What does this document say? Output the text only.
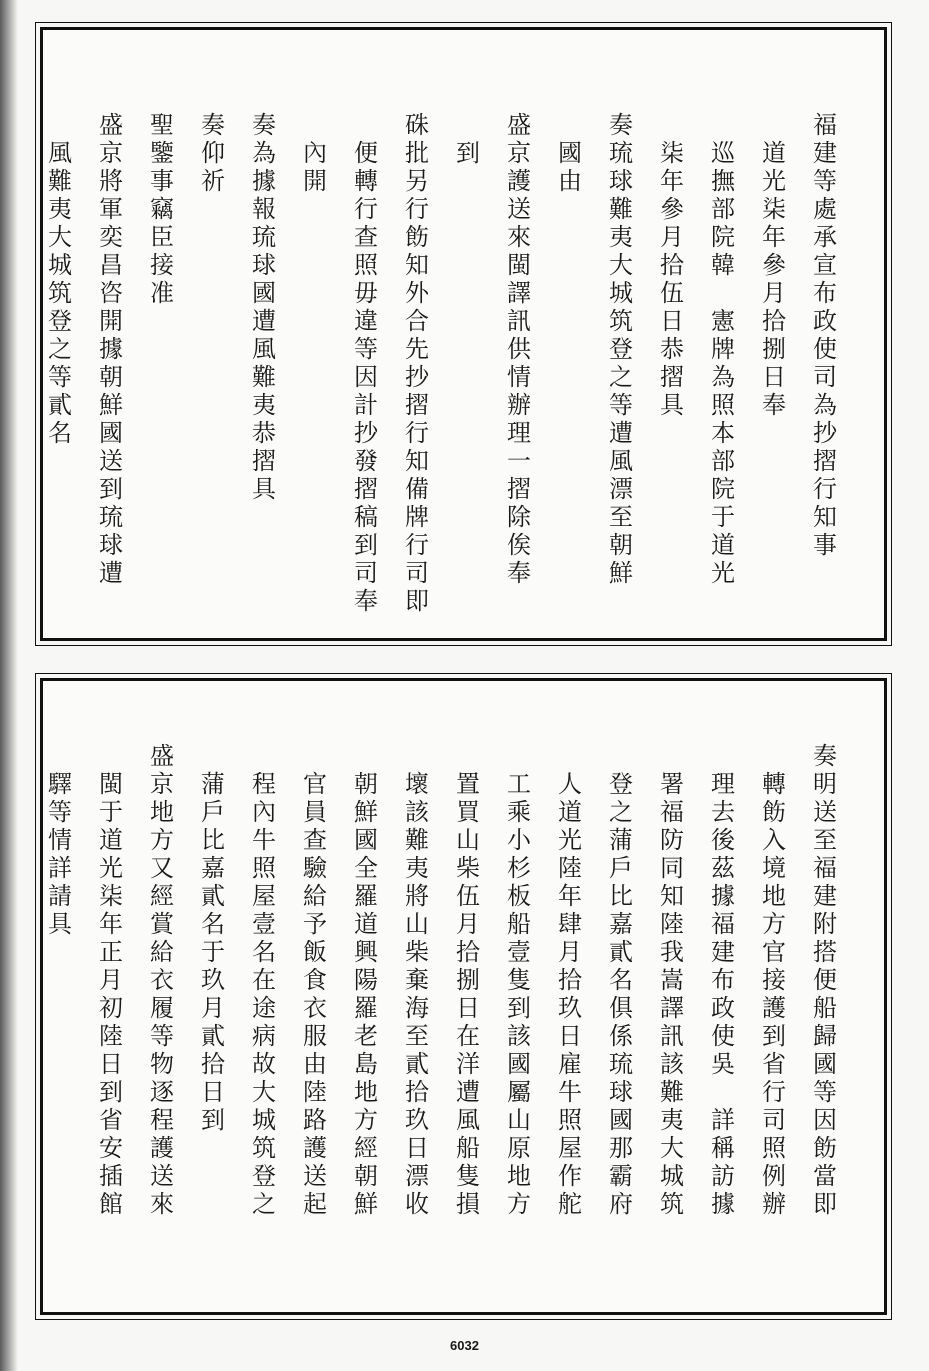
福建等處承宣布政使司為抄摺行知事
道光柒年參月拾捌日奉
巡撫部院韓　憲牌為照本部院于道光
柒年參月拾伍日恭摺具
奏琉球難夷大城筑登之等遭風漂至朝鮮
國由
盛京護送來閩譯訊供情辦理一摺除俟奉
到
硃批另行飭知外合先抄摺行知備牌行司即
便轉行查照毋違等因計抄發摺稿到司奉
內開
奏為據報琉球國遭風難夷恭摺具
奏仰祈
聖鑒事竊臣接准
盛京將軍奕昌咨開據朝鮮國送到琉球遭
風難夷大城筑登之等貳名
奏明送至福建附搭便船歸國等因飭當即
轉飭入境地方官接護到省行司照例辦
理去後茲據福建布政使吳　詳稱訪據
署福防同知陸我嵩譯訊該難夷大城筑
登之蒲戶比嘉貳名俱係琉球國那霸府
人道光陸年肆月拾玖日雇牛照屋作舵
工乘小杉板船壹隻到該國屬山原地方
置買山柴伍月拾捌日在洋遭風船隻損
壞該難夷將山柴棄海至貳拾玖日漂收
朝鮮國全羅道興陽羅老島地方經朝鮮
官員查驗給予飯食衣服由陸路護送起
程內牛照屋壹名在途病故大城筑登之
蒲戶比嘉貳名于玖月貳拾日到
盛京地方又經賞給衣履等物逐程護送來
閩于道光柒年正月初陸日到省安插館
驛等情詳請具
6032
